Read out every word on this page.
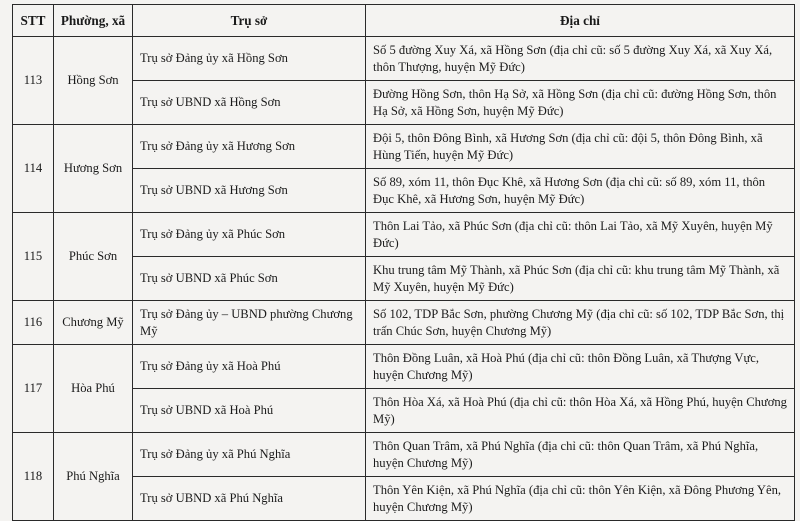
STT	Phường, xã	Trụ sở	Địa chỉ
113	Hồng Sơn	Trụ sở Đảng ủy xã Hồng Sơn	Số 5 đường Xuy Xá, xã Hồng Sơn (địa chỉ cũ: số 5 đường Xuy Xá, xã Xuy Xá, thôn Thượng, huyện Mỹ Đức)
		Trụ sở UBND xã Hồng Sơn	Đường Hồng Sơn, thôn Hạ Sở, xã Hồng Sơn (địa chỉ cũ: đường Hồng Sơn, thôn Hạ Sở, xã Hồng Sơn, huyện Mỹ Đức)
114	Hương Sơn	Trụ sở Đảng ủy xã Hương Sơn	Đội 5, thôn Đông Bình, xã Hương Sơn (địa chỉ cũ: đội 5, thôn Đông Bình, xã Hùng Tiến, huyện Mỹ Đức)
		Trụ sở UBND xã Hương Sơn	Số 89, xóm 11, thôn Đục Khê, xã Hương Sơn (địa chỉ cũ: số 89, xóm 11, thôn Đục Khê, xã Hương Sơn, huyện Mỹ Đức)
115	Phúc Sơn	Trụ sở Đảng ủy xã Phúc Sơn	Thôn Lai Tảo, xã Phúc Sơn (địa chỉ cũ: thôn Lai Tảo, xã Mỹ Xuyên, huyện Mỹ Đức)
		Trụ sở UBND xã Phúc Sơn	Khu trung tâm Mỹ Thành, xã Phúc Sơn (địa chỉ cũ: khu trung tâm Mỹ Thành, xã Mỹ Xuyên, huyện Mỹ Đức)
116	Chương Mỹ	Trụ sở Đảng ủy – UBND phường Chương Mỹ	Số 102, TDP Bắc Sơn, phường Chương Mỹ (địa chỉ cũ: số 102, TDP Bắc Sơn, thị trấn Chúc Sơn, huyện Chương Mỹ)
117	Hòa Phú	Trụ sở Đảng ủy xã Hoà Phú	Thôn Đồng Luân, xã Hoà Phú (địa chỉ cũ: thôn Đồng Luân, xã Thượng Vực, huyện Chương Mỹ)
		Trụ sở UBND xã Hoà Phú	Thôn Hòa Xá, xã Hoà Phú (địa chỉ cũ: thôn Hòa Xá, xã Hồng Phú, huyện Chương Mỹ)
118	Phú Nghĩa	Trụ sở Đảng ủy xã Phú Nghĩa	Thôn Quan Trâm, xã Phú Nghĩa (địa chỉ cũ: thôn Quan Trâm, xã Phú Nghĩa, huyện Chương Mỹ)
		Trụ sở UBND xã Phú Nghĩa	Thôn Yên Kiện, xã Phú Nghĩa (địa chỉ cũ: thôn Yên Kiện, xã Đông Phương Yên, huyện Chương Mỹ)
